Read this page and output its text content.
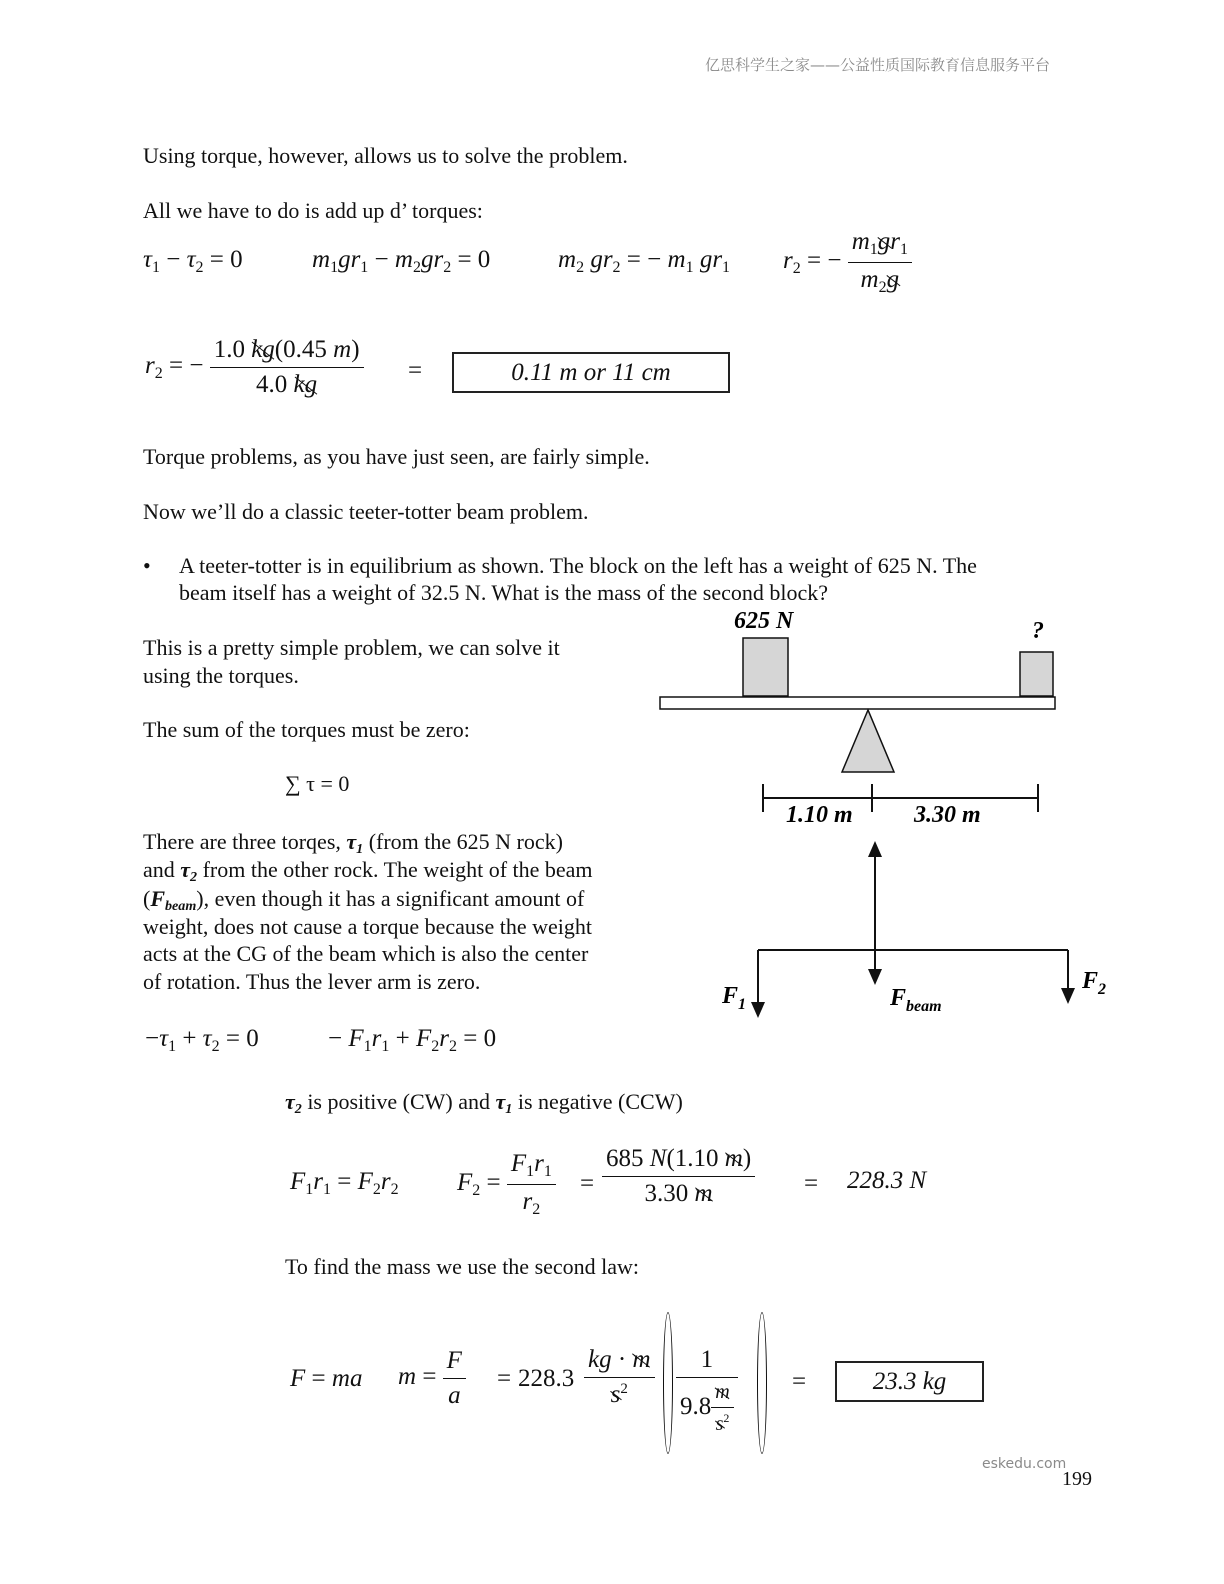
亿思科学生之家——公益性质国际教育信息服务平台
Using torque, however, allows us to solve the problem.
All we have to do is add up d’ torques:
$\tau_1 - \tau_2 = 0$	$m_1gr_1 - m_2gr_2 = 0$	$m_2$ $gr_2$ = − $m_1$ $gr_1$ $r_2$ = − $\frac{m_1gr_1}{m_2g}$
$r_2$ = − $\frac{1.0 kg(0.45 m)}{4.0 kg}$ =	0.11 m or 11 cm
Torque problems, as you have just seen, are fairly simple.
Now we’ll do a classic teeter-totter beam problem.
• A teeter-totter is in equilibrium as shown. The block on the left has a weight of 625 N. The
beam itself has a weight of 32.5 N. What is the mass of the second block?
This is a pretty simple problem, we can solve it
using the torques.
The sum of the torques must be zero:
∑ τ = 0
There are three torqes, $\tau_1$ (from the 625 N rock)
and $\tau_2$ from the other rock. The weight of the beam
$(F_{beam})$, even though it has a significant amount of
weight, does not cause a torque because the weight
acts at the CG of the beam which is also the center
of rotation. Thus the lever arm is zero.
625 N	?
1.10 m	3.30 m
$F_1$
$F_2$
$F_{beam}$
$-\tau_1 + \tau_2 = 0$	− $F_1r_1 + F_2r_2 = 0$
$\tau_2$ is positive (CW) and $\tau_1$ is negative (CCW)
$F_1r_1 = F_2r_2$ $F_2 = \frac{F_1r_1}{r_2} = \frac{685 N(1.10 m)}{3.30 m} = 228.3$ N
To find the mass we use the second law:
F = ma $m = \frac{F}{a} = 228.3 \frac{kg \cdot m}{s^2} \frac{1}{9.8 \frac{m}{s^2}}$ =	23.3 kg
eskedu.com
199
